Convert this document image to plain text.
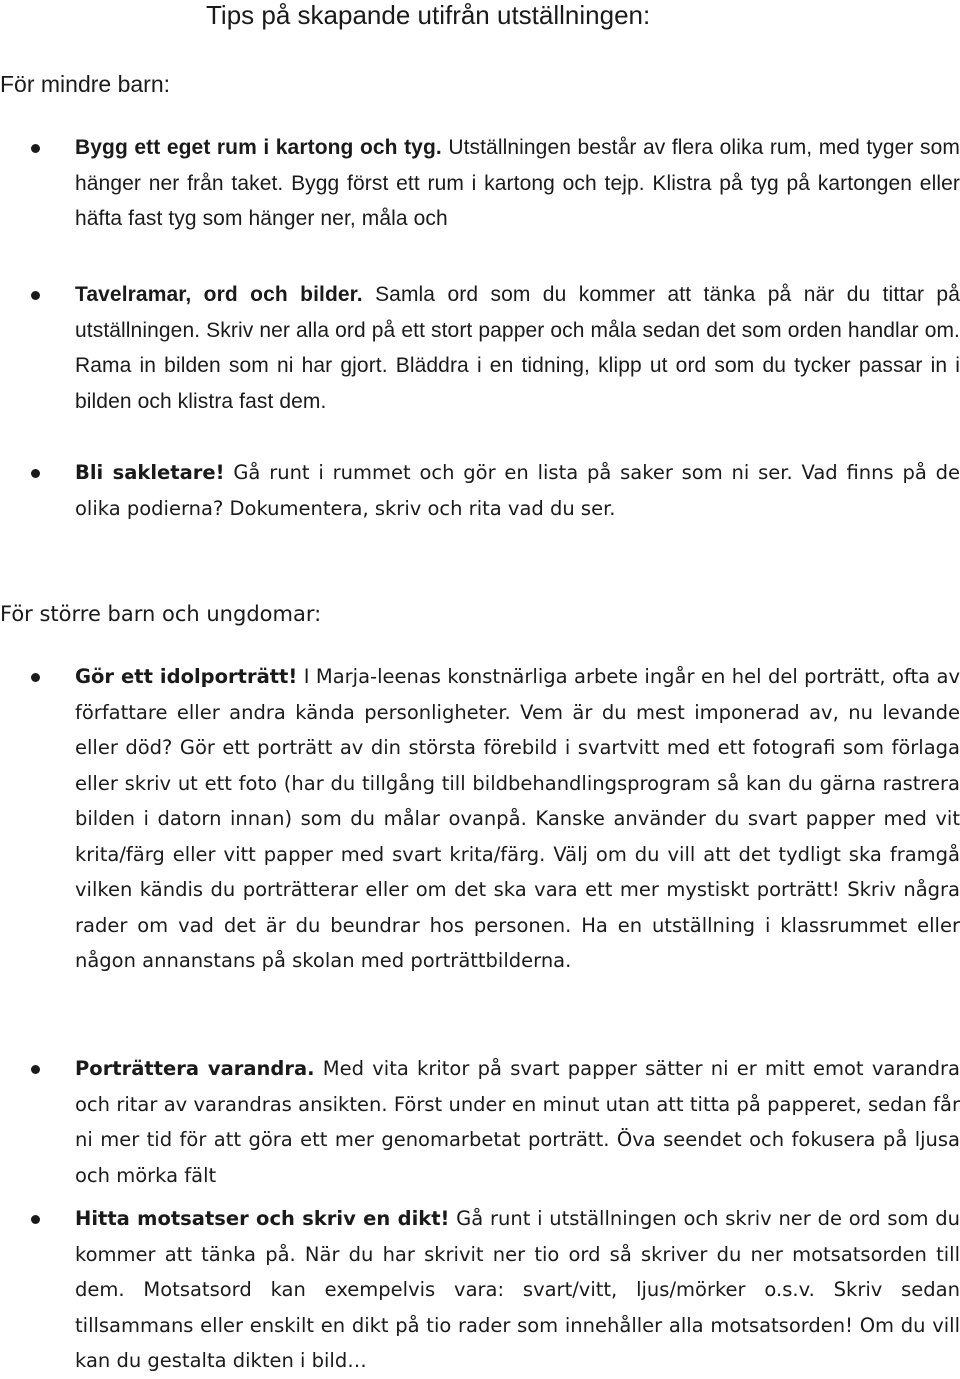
Tips på skapande utifrån utställningen:
För mindre barn:

Bygg ett eget rum i kartong och tyg. Utställningen består av flera olika rum, med tyger som hänger ner från taket. Bygg först ett rum i kartong och tejp. Klistra på tyg på kartongen eller häfta fast tyg som hänger ner, måla och

Tavelramar, ord och bilder. Samla ord som du kommer att tänka på när du tittar på utställningen. Skriv ner alla ord på ett stort papper och måla sedan det som orden handlar om. Rama in bilden som ni har gjort. Bläddra i en tidning, klipp ut ord som du tycker passar in i bilden och klistra fast dem.

Bli sakletare! Gå runt i rummet och gör en lista på saker som ni ser. Vad finns på de olika podierna? Dokumentera, skriv och rita vad du ser.

För större barn och ungdomar:

Gör ett idolporträtt! I Marja-leenas konstnärliga arbete ingår en hel del porträtt, ofta av författare eller andra kända personligheter. Vem är du mest imponerad av, nu levande eller död? Gör ett porträtt av din största förebild i svartvitt med ett fotografi som förlaga eller skriv ut ett foto (har du tillgång till bildbehandlingsprogram så kan du gärna rastrera bilden i datorn innan) som du målar ovanpå. Kanske använder du svart papper med vit krita/färg eller vitt papper med svart krita/färg. Välj om du vill att det tydligt ska framgå vilken kändis du porträtterar eller om det ska vara ett mer mystiskt porträtt! Skriv några rader om vad det är du beundrar hos personen. Ha en utställning i klassrummet eller någon annanstans på skolan med porträttbilderna.

Porträttera varandra. Med vita kritor på svart papper sätter ni er mitt emot varandra och ritar av varandras ansikten. Först under en minut utan att titta på papperet, sedan får ni mer tid för att göra ett mer genomarbetat porträtt. Öva seendet och fokusera på ljusa och mörka fält

Hitta motsatser och skriv en dikt! Gå runt i utställningen och skriv ner de ord som du kommer att tänka på. När du har skrivit ner tio ord så skriver du ner motsatsorden till dem. Motsatsord kan exempelvis vara: svart/vitt, ljus/mörker o.s.v. Skriv sedan tillsammans eller enskilt en dikt på tio rader som innehåller alla motsatsorden! Om du vill kan du gestalta dikten i bild…
